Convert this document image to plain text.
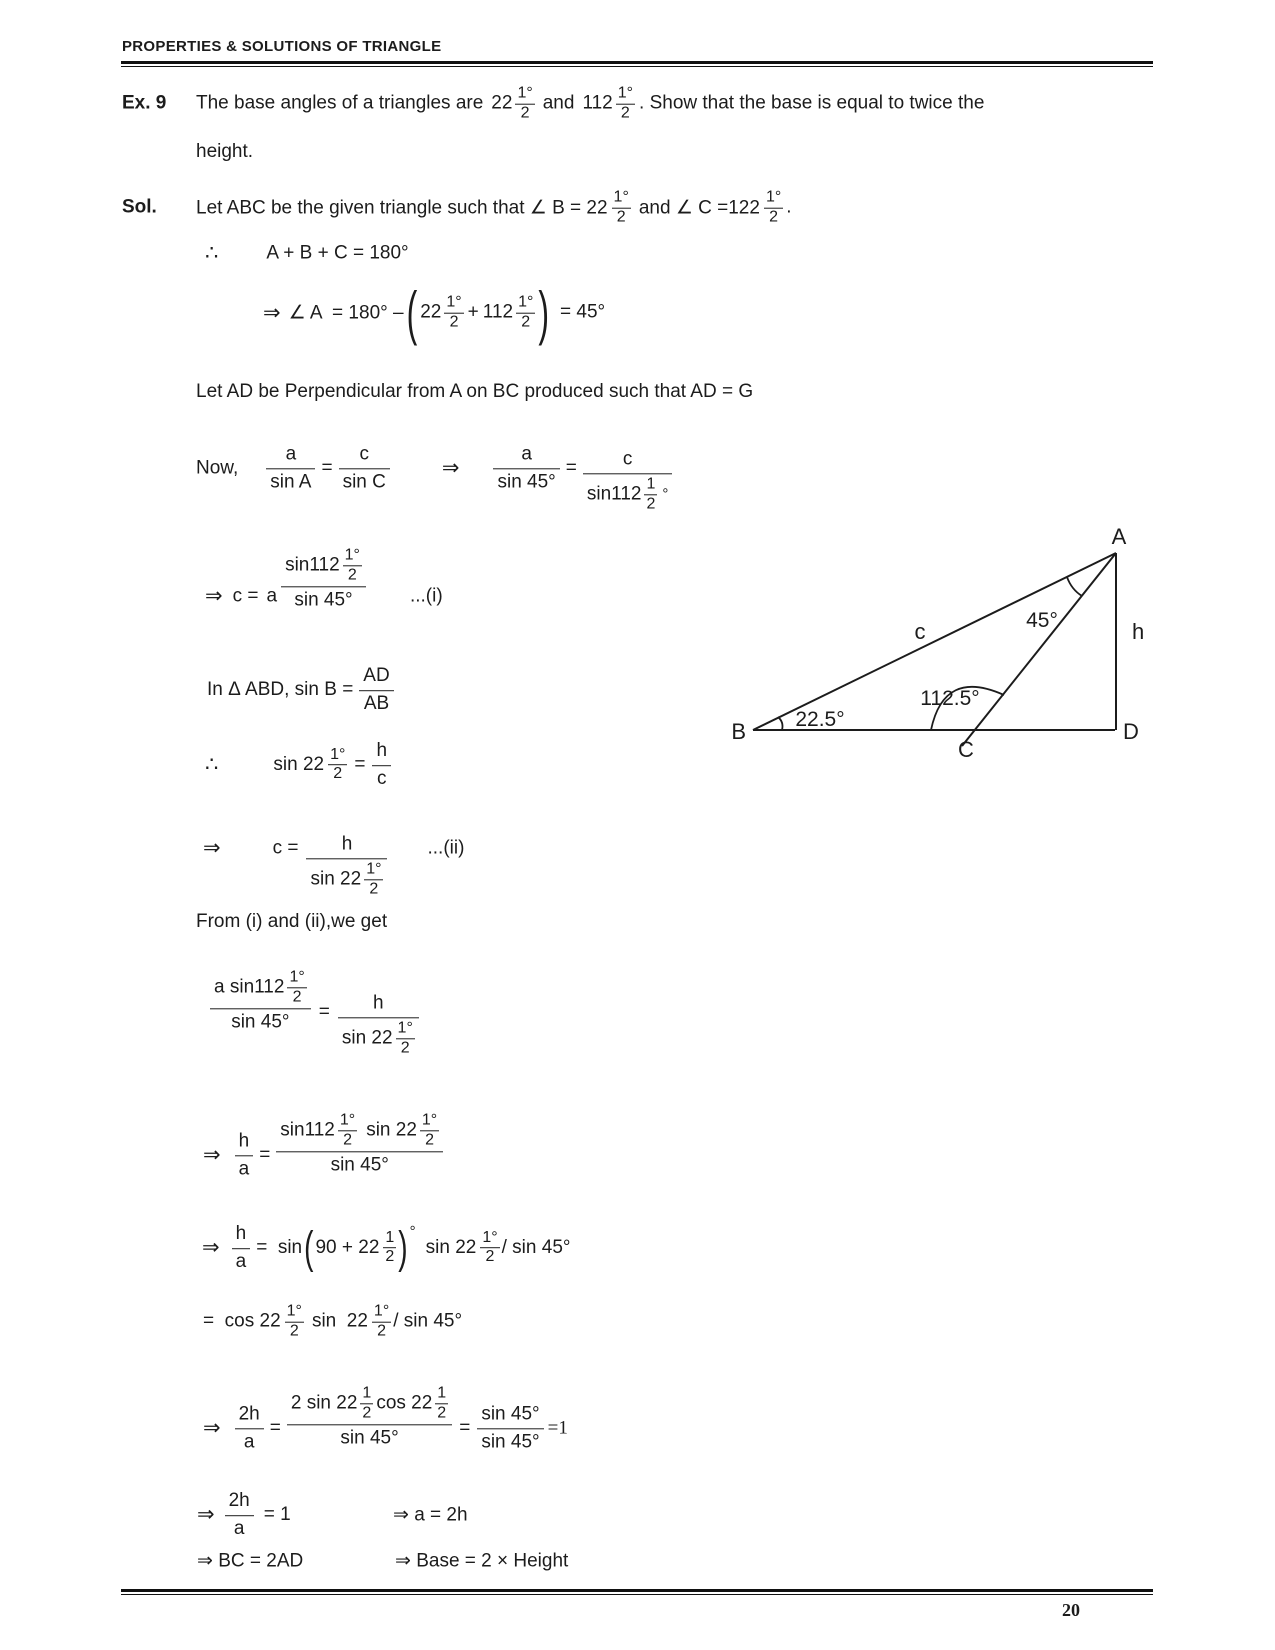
PROPERTIES & SOLUTIONS OF TRIANGLE
Ex. 9	The base angles of a triangles are $22 \frac{1^\circ}{2}$ and $112 \frac{1^\circ}{2}$ . Show that the base is equal to twice the
height.
Sol.	Let ABC be the given triangle such that ∠ $B = 22 \frac{1^\circ}{2}$ and ∠ $C =122 \frac{1^\circ}{2}$ .
∴	A + B + C = 180°
⇒ ∠ A  = 180° – ( $22 \frac{1^\circ}{2} + 112 \frac{1^\circ}{2}$ ) = 45°
Let AD be Perpendicular from A on BC produced such that AD = G
Now, $\frac{a}{\text{sin A}} = \frac{c}{\text{sin C}}$ ⇒ $\frac{a}{\sin 45^\circ} = \frac{c}{\sin 112 \frac{1}{2} ^\circ}$
⇒ c = a $\frac{\sin 112 \frac{1^\circ}{2}}{\sin 45^\circ} ...(i)$
In Δ ABD, $\sin B = \frac{AD}{AB}$
∴	$\sin 22 \frac{1^\circ}{2} = \frac{h}{c}$
⇒	$c = \frac{h}{\sin 22 \frac{1^\circ}{2}} ...(ii)$
From (i) and (ii),we get
$\frac{a \sin 112 \frac{1^\circ}{2}}{\sin 45^\circ} = \frac{h}{\sin 22 \frac{1^\circ}{2}}$
⇒ $\frac{h}{a}$ =
$\sin 112 \frac{1^\circ}{2}$ $\sin 22 \frac{1^\circ}{2}$
sin 45°
⇒ $\frac{h}{a} = \sin$ ( $90 + 22 \frac{1}{2}$ ) °
$\sin 22 \frac{1^\circ}{2}$ / sin 45°
=  $\cos 22 \frac{1^\circ}{2}$ $\sin 22 \frac{1^\circ}{2}$ / sin 45°
⇒ $\frac{2h}{a}$ =
2 $\sin 22 \frac{1}{2}$ $\cos 22 \frac{1}{2}$
sin 45°	= $\frac{\sin 45^\circ}{\sin 45^\circ} =1$
⇒ $\frac{2h}{a} = 1$	⇒ a = 2h
⇒ BC = 2AD	⇒ Base = 2 × Height
A
B
C
D
c	h
45°
112.5°
22.5°
20
